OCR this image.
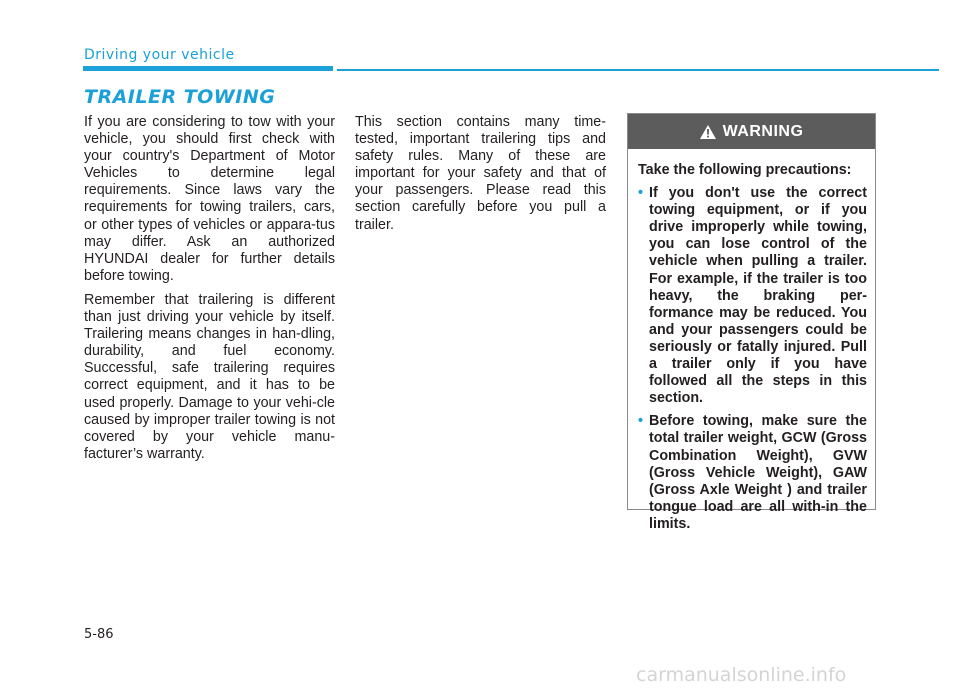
Driving your vehicle
TRAILER TOWING

If you are considering to tow with your vehicle, you should first check with your country's Department of Motor Vehicles to determine legal requirements. Since laws vary the requirements for towing trailers, cars, or other types of vehicles or appara-tus may differ. Ask an authorized HYUNDAI dealer for further details before towing.

Remember that trailering is different than just driving your vehicle by itself. Trailering means changes in han-dling, durability, and fuel economy. Successful, safe trailering requires correct equipment, and it has to be used properly. Damage to your vehi-cle caused by improper trailer towing is not covered by your vehicle manu-facturer’s warranty.

This section contains many time-tested, important trailering tips and safety rules. Many of these are important for your safety and that of your passengers. Please read this section carefully before you pull a trailer.

WARNING
Take the following precautions:
• If you don't use the correct towing equipment, or if you drive improperly while towing, you can lose control of the vehicle when pulling a trailer. For example, if the trailer is too heavy, the braking per-formance may be reduced. You and your passengers could be seriously or fatally injured. Pull a trailer only if you have followed all the steps in this section.
• Before towing, make sure the total trailer weight, GCW (Gross Combination Weight), GVW (Gross Vehicle Weight), GAW (Gross Axle Weight ) and trailer tongue load are all with-in the limits.
5-86
carmanualsonline.info
